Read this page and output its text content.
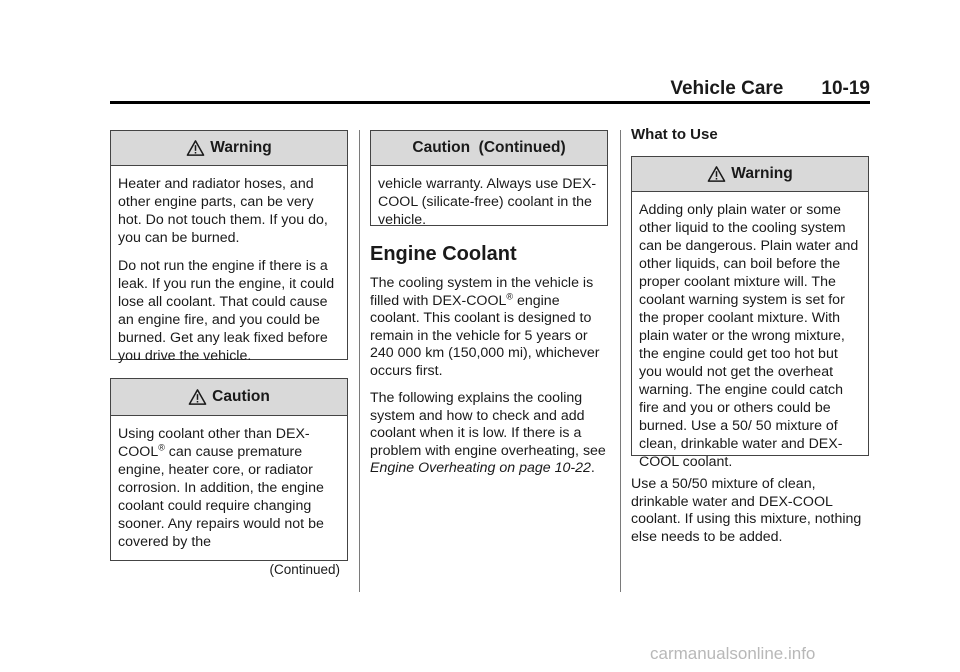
Vehicle Care 10-19
Warning

Heater and radiator hoses, and other engine parts, can be very hot. Do not touch them. If you do, you can be burned.

Do not run the engine if there is a leak. If you run the engine, it could lose all coolant. That could cause an engine fire, and you could be burned. Get any leak fixed before you drive the vehicle.

Caution

Using coolant other than DEX-COOL® can cause premature engine, heater core, or radiator corrosion. In addition, the engine coolant could require changing sooner. Any repairs would not be covered by the

(Continued)
Caution  (Continued)

vehicle warranty. Always use DEX-COOL (silicate-free) coolant in the vehicle.

Engine Coolant

The cooling system in the vehicle is filled with DEX-COOL® engine coolant. This coolant is designed to remain in the vehicle for 5 years or 240 000 km (150,000 mi), whichever occurs first.

The following explains the cooling system and how to check and add coolant when it is low. If there is a problem with engine overheating, see Engine Overheating on page 10-22.

What to Use
Warning

Adding only plain water or some other liquid to the cooling system can be dangerous. Plain water and other liquids, can boil before the proper coolant mixture will. The coolant warning system is set for the proper coolant mixture. With plain water or the wrong mixture, the engine could get too hot but you would not get the overheat warning. The engine could catch fire and you or others could be burned. Use a 50/ 50 mixture of clean, drinkable water and DEX-COOL coolant.

Use a 50/50 mixture of clean, drinkable water and DEX-COOL coolant. If using this mixture, nothing else needs to be added.

carmanualsonline.info
